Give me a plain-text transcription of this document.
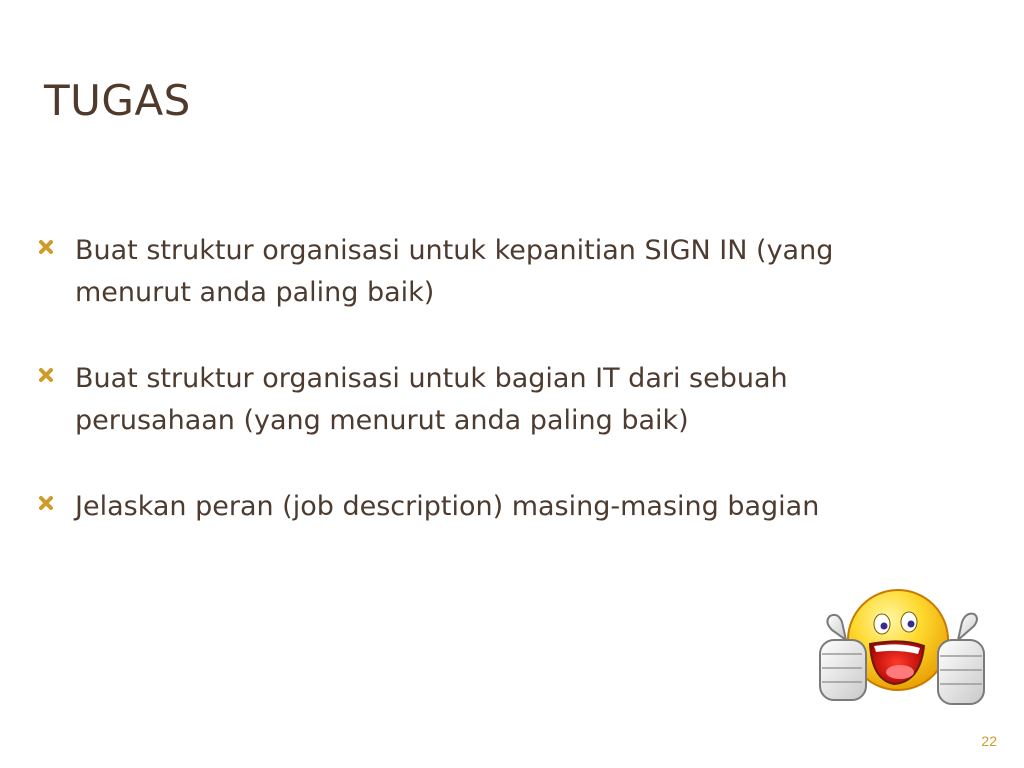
TUGAS
Buat struktur organisasi untuk kepanitian SIGN IN (yang menurut anda paling baik)
Buat struktur organisasi untuk bagian IT dari sebuah perusahaan (yang menurut anda paling baik)
Jelaskan peran (job description) masing-masing bagian
22
